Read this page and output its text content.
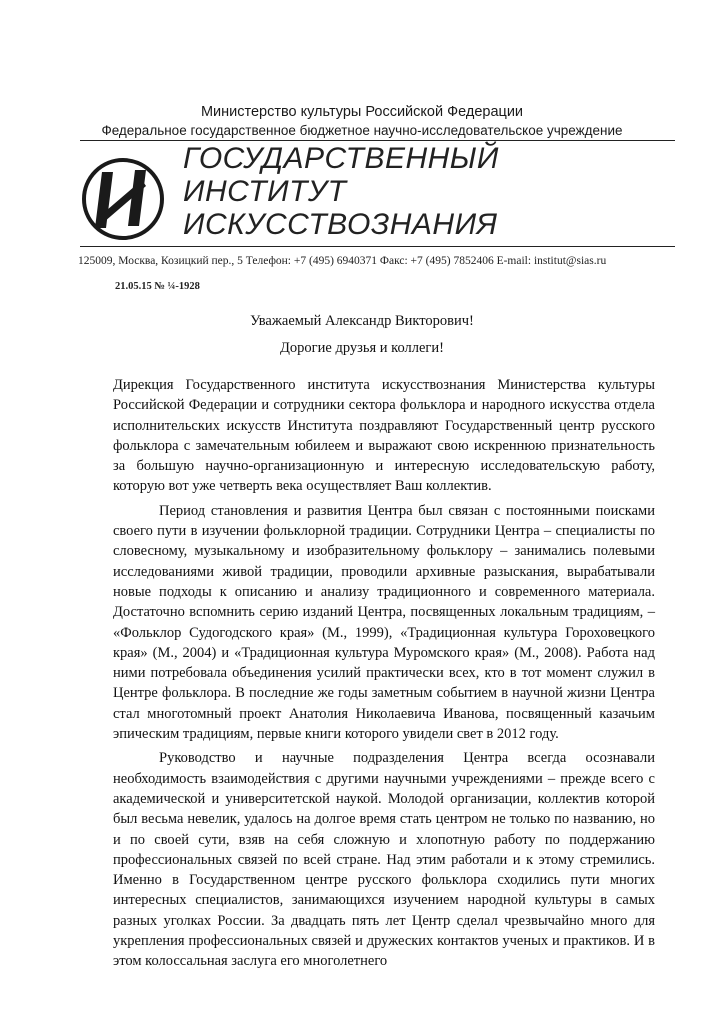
Министерство культуры Российской Федерации
Федеральное государственное бюджетное научно-исследовательское учреждение
ГОСУДАРСТВЕННЫЙ
ИНСТИТУТ
ИСКУССТВОЗНАНИЯ
125009, Москва, Козицкий пер., 5 Телефон: +7 (495) 6940371 Факс: +7 (495) 7852406 E-mail: institut@sias.ru
21.05.15 № ¼-1928
Уважаемый Александр Викторович!
Дорогие друзья и коллеги!

Дирекция Государственного института искусствознания Министерства культуры Российской Федерации и сотрудники сектора фольклора и народного искусства отдела исполнительских искусств Института поздравляют Государственный центр русского фольклора с замечательным юбилеем и выражают свою искреннюю признательность за большую научно-организационную и интересную исследовательскую работу, которую вот уже четверть века осуществляет Ваш коллектив.

Период становления и развития Центра был связан с постоянными поисками своего пути в изучении фольклорной традиции. Сотрудники Центра – специалисты по словесному, музыкальному и изобразительному фольклору – занимались полевыми исследованиями живой традиции, проводили архивные разыскания, вырабатывали новые подходы к описанию и анализу традиционного и современного материала. Достаточно вспомнить серию изданий Центра, посвященных локальным традициям, – «Фольклор Судогодского края» (М., 1999), «Традиционная культура Гороховецкого края» (М., 2004) и «Традиционная культура Муромского края» (М., 2008). Работа над ними потребовала объединения усилий практически всех, кто в тот момент служил в Центре фольклора. В последние же годы заметным событием в научной жизни Центра стал многотомный проект Анатолия Николаевича Иванова, посвященный казачьим эпическим традициям, первые книги которого увидели свет в 2012 году.

Руководство и научные подразделения Центра всегда осознавали необходимость взаимодействия с другими научными учреждениями – прежде всего с академической и университетской наукой. Молодой организации, коллектив которой был весьма невелик, удалось на долгое время стать центром не только по названию, но и по своей сути, взяв на себя сложную и хлопотную работу по поддержанию профессиональных связей по всей стране. Над этим работали и к этому стремились. Именно в Государственном центре русского фольклора сходились пути многих интересных специалистов, занимающихся изучением народной культуры в самых разных уголках России. За двадцать пять лет Центр сделал чрезвычайно много для укрепления профессиональных связей и дружеских контактов ученых и практиков. И в этом колоссальная заслуга его многолетнего
